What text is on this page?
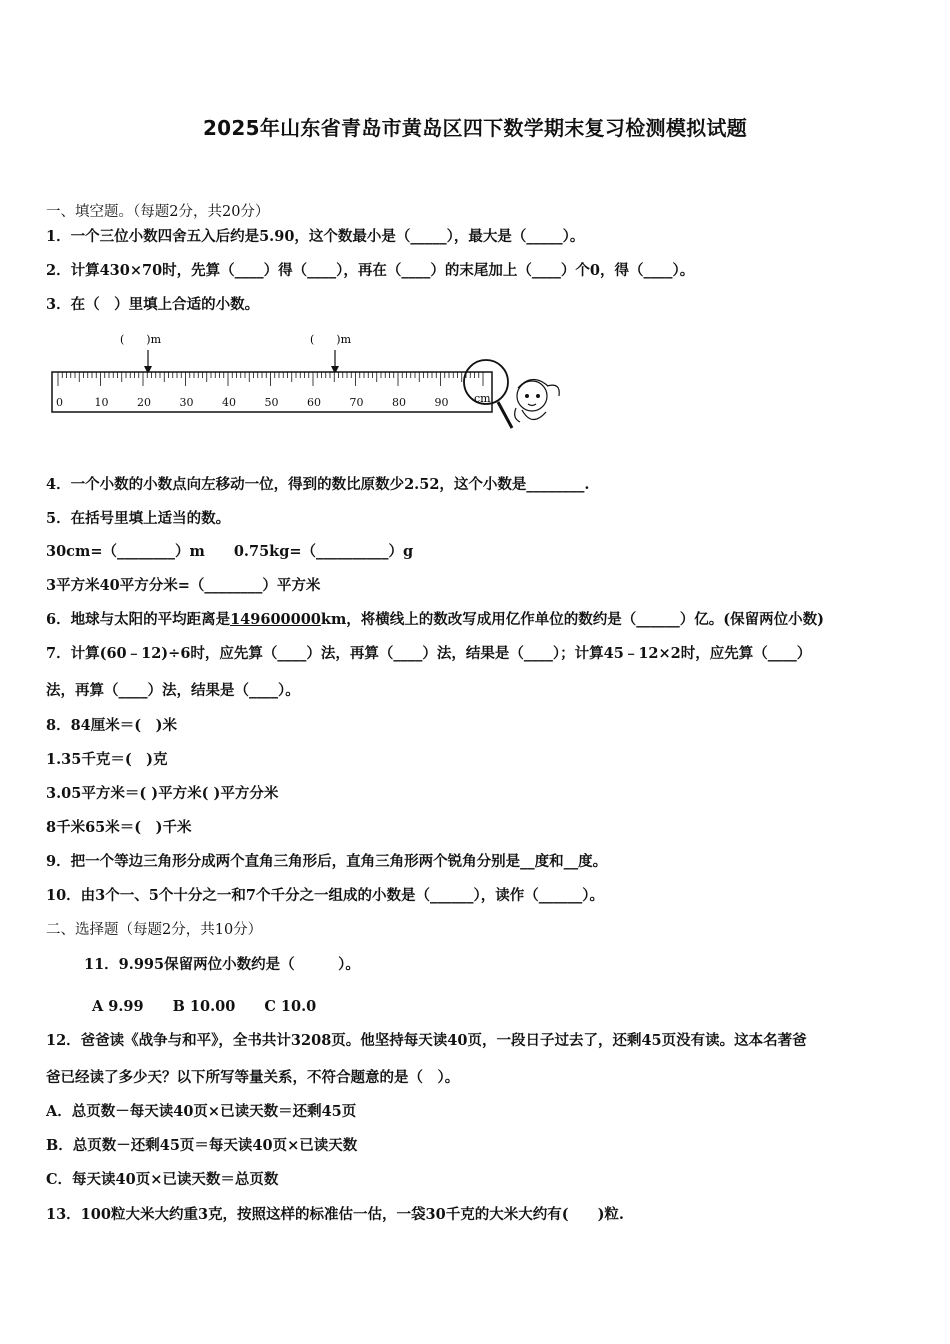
2025年山东省青岛市黄岛区四下数学期末复习检测模拟试题
一、填空题。（每题2分，共20分）
1．一个三位小数四舍五入后约是5.90，这个数最小是（_____），最大是（_____）。
2．计算430×70时，先算（____）得（____），再在（____）的末尾加上（____）个0，得（____）。
3．在（　）里填上合适的小数。
(　　)m	(　　)m
0	10	20	30	40	50	60	70	80	90 cm
4．一个小数的小数点向左移动一位，得到的数比原数少2.52，这个小数是________.
5．在括号里填上适当的数。
30cm=（________）m　　0.75kg=（__________）g
3平方米40平方分米=（________）平方米
6．地球与太阳的平均距离是149600000km，将横线上的数改写成用亿作单位的数约是（______）亿。(保留两位小数)
7．计算(60﹣12)÷6时，应先算（____）法，再算（____）法，结果是（____）；计算45﹣12×2时，应先算（____）
法，再算（____）法，结果是（____）。
8．84厘米＝(　)米
1.35千克＝(　)克
3.05平方米＝( )平方米( )平方分米
8千米65米＝(　)千米
9．把一个等边三角形分成两个直角三角形后，直角三角形两个锐角分别是__度和__度。
10．由3个一、5个十分之一和7个千分之一组成的小数是（______），读作（______）。
二、选择题（每题2分，共10分）
11．9.995保留两位小数约是（　　　）。
A 9.99　　B 10.00　　C 10.0
12．爸爸读《战争与和平》，全书共计3208页。他坚持每天读40页，一段日子过去了，还剩45页没有读。这本名著爸
爸已经读了多少天？以下所写等量关系，不符合题意的是（　）。
A．总页数－每天读40页×已读天数＝还剩45页
B．总页数－还剩45页＝每天读40页×已读天数
C．每天读40页×已读天数＝总页数
13．100粒大米大约重3克，按照这样的标准估一估，一袋30千克的大米大约有(　　)粒.
